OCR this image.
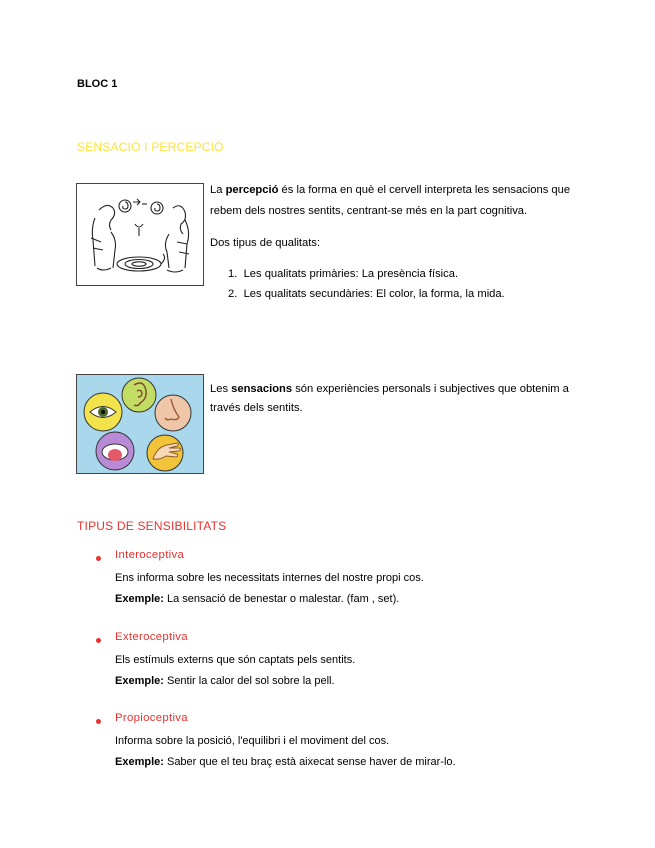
BLOC 1
SENSACIÓ I PERCEPCIÓ
La percepció és la forma en què el cervell interpreta les sensacions que rebem dels nostres sentits, centrant-se més en la part cognitiva.
Dos tipus de qualitats:
1. Les qualitats primàries: La presència física.
2. Les qualitats secundàries: El color, la forma, la mida.
Les sensacions són experiències personals i subjectives que obtenim a través dels sentits.
TIPUS DE SENSIBILITATS
Interoceptiva
Ens informa sobre les necessitats internes del nostre propi cos.
Exemple: La sensació de benestar o malestar. (fam , set).
Exteroceptiva
Els estímuls externs que són captats pels sentits.
Exemple: Sentir la calor del sol sobre la pell.
Propioceptiva
Informa sobre la posició, l'equilibri i el moviment del cos.
Exemple: Saber que el teu braç està aixecat sense haver de mirar-lo.
